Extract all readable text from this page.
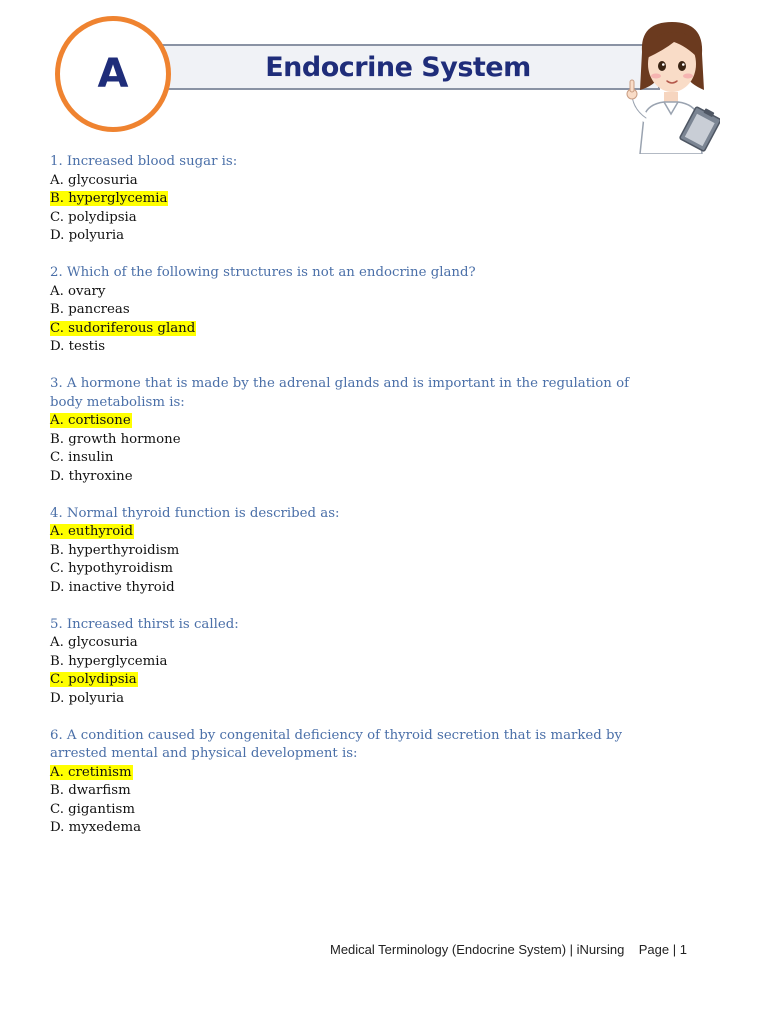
Endocrine System
A

1. Increased blood sugar is:

A. glycosuria

B. hyperglycemia

C. polydipsia

D. polyuria

2. Which of the following structures is not an endocrine gland?

A. ovary

B. pancreas

C. sudoriferous gland

D. testis

3. A hormone that is made by the adrenal glands and is important in the regulation of body metabolism is:

A. cortisone

B. growth hormone

C. insulin

D. thyroxine

4. Normal thyroid function is described as:

A. euthyroid

B. hyperthyroidism

C. hypothyroidism

D. inactive thyroid

5. Increased thirst is called:

A. glycosuria

B. hyperglycemia

C. polydipsia

D. polyuria

6. A condition caused by congenital deficiency of thyroid secretion that is marked by arrested mental and physical development is:

A. cretinism

B. dwarfism

C. gigantism

D. myxedema

Medical Terminology (Endocrine System) | iNursing    Page | 1
